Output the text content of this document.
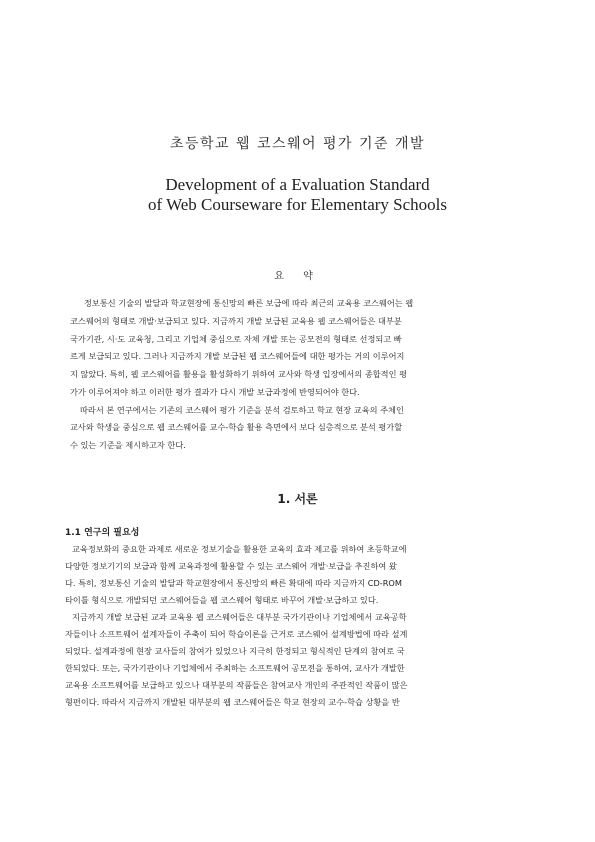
초등학교 웹 코스웨어 평가 기준 개발
Development of a Evaluation Standard
of Web Courseware for Elementary Schools
요 약
정보통신 기술의 발달과 학교현장에 통신망의 빠른 보급에 따라 최근의 교육용 코스웨어는 웹
코스웨어의 형태로 개발·보급되고 있다. 지금까지 개발 보급된 교육용 웹 코스웨어들은 대부분
국가기관, 시·도 교육청, 그리고 기업체 중심으로 자체 개발 또는 공모전의 형태로 선정되고 빠
르게 보급되고 있다. 그러나 지금까지 개발 보급된 웹 코스웨어들에 대한 평가는 거의 이루어지
지 않았다. 특히, 웹 코스웨어를 활용을 활성화하기 위하여 교사와 학생 입장에서의 종합적인 평
가가 이루어져야 하고 이러한 평가 결과가 다시 개발 보급과정에 반영되어야 한다.
따라서 본 연구에서는 기존의 코스웨어 평가 기준을 분석 검토하고 학교 현장 교육의 주체인
교사와 학생을 중심으로 웹 코스웨어를 교수-학습 활용 측면에서 보다 심층적으로 분석 평가할
수 있는 기준을 제시하고자 한다.
1. 서론
1.1 연구의 필요성
교육정보화의 중요한 과제로 새로운 정보기술을 활용한 교육의 효과 제고를 위하여 초등학교에
다양한 정보기기의 보급과 함께 교육과정에 활용할 수 있는 코스웨어 개발·보급을 추진하여 왔
다. 특히, 정보통신 기술의 발달과 학교현장에서 통신망의 빠른 확대에 따라 지금까지 CD-ROM
타이틀 형식으로 개발되던 코스웨어들을 웹 코스웨어 형태로 바꾸어 개발·보급하고 있다.
지금까지 개발 보급된 교과 교육용 웹 코스웨어들은 대부분 국가기관이나 기업체에서 교육공학
자들이나 소프트웨어 설계자들이 주축이 되어 학습이론을 근거로 코스웨어 설계방법에 따라 설계
되었다. 설계과정에 현장 교사들의 참여가 있었으나 지극히 한정되고 형식적인 단계의 참여로 국
한되었다. 또는, 국가기관이나 기업체에서 주최하는 소프트웨어 공모전을 통하여, 교사가 개발한
교육용 소프트웨어를 보급하고 있으나 대부분의 작품들은 참여교사 개인의 주관적인 작품이 많은
형편이다. 따라서 지금까지 개발된 대부분의 웹 코스웨어들은 학교 현장의 교수-학습 상황을 반
